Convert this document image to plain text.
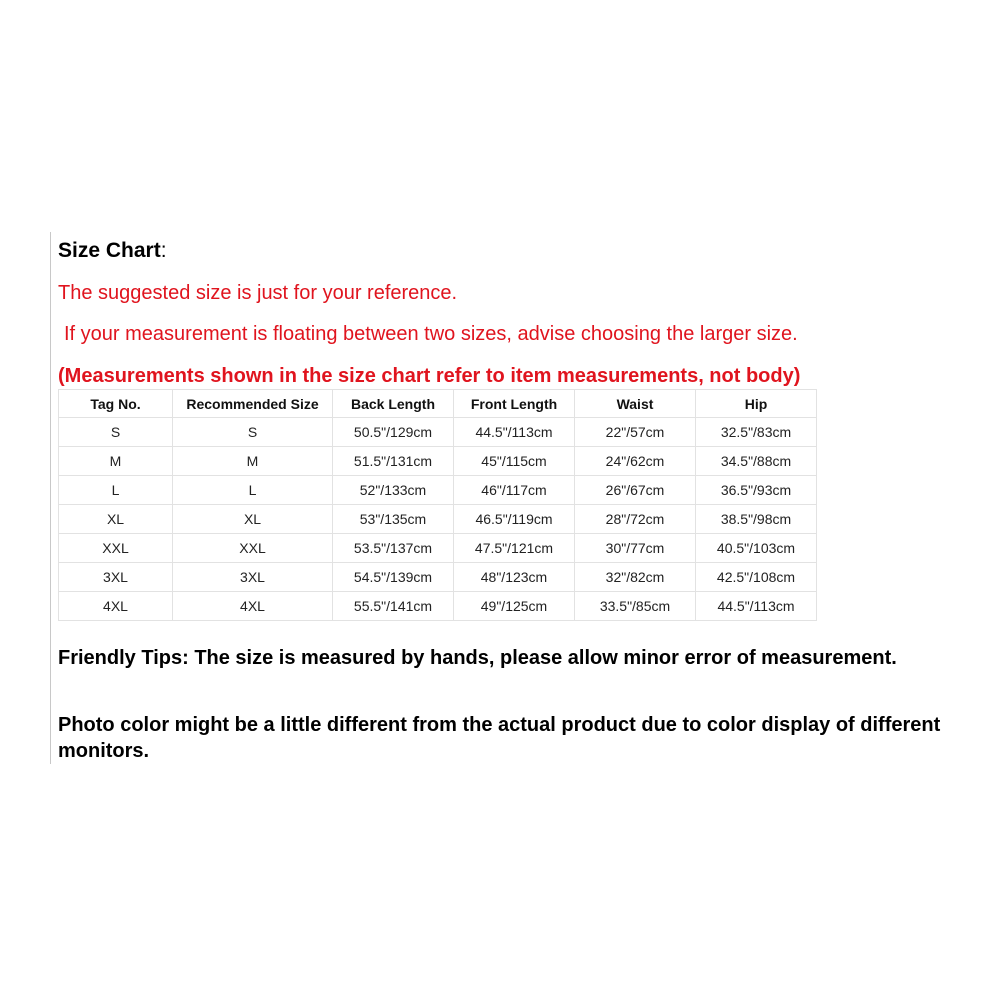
Size Chart:
The suggested size is just for your reference.
If your measurement is floating between two sizes, advise choosing the larger size.
(Measurements shown in the size chart refer to item measurements, not body)
Tag No.	Recommended Size	Back Length	Front Length	Waist	Hip
S	S	50.5"/129cm	44.5"/113cm	22"/57cm	32.5"/83cm
M	M	51.5"/131cm	45"/115cm	24"/62cm	34.5"/88cm
L	L	52"/133cm	46"/117cm	26"/67cm	36.5"/93cm
XL	XL	53"/135cm	46.5"/119cm	28"/72cm	38.5"/98cm
XXL	XXL	53.5"/137cm	47.5"/121cm	30"/77cm	40.5"/103cm
3XL	3XL	54.5"/139cm	48"/123cm	32"/82cm	42.5"/108cm
4XL	4XL	55.5"/141cm	49"/125cm	33.5"/85cm	44.5"/113cm
Friendly Tips: The size is measured by hands, please allow minor error of measurement.
Photo color might be a little different from the actual product due to color display of different monitors.
